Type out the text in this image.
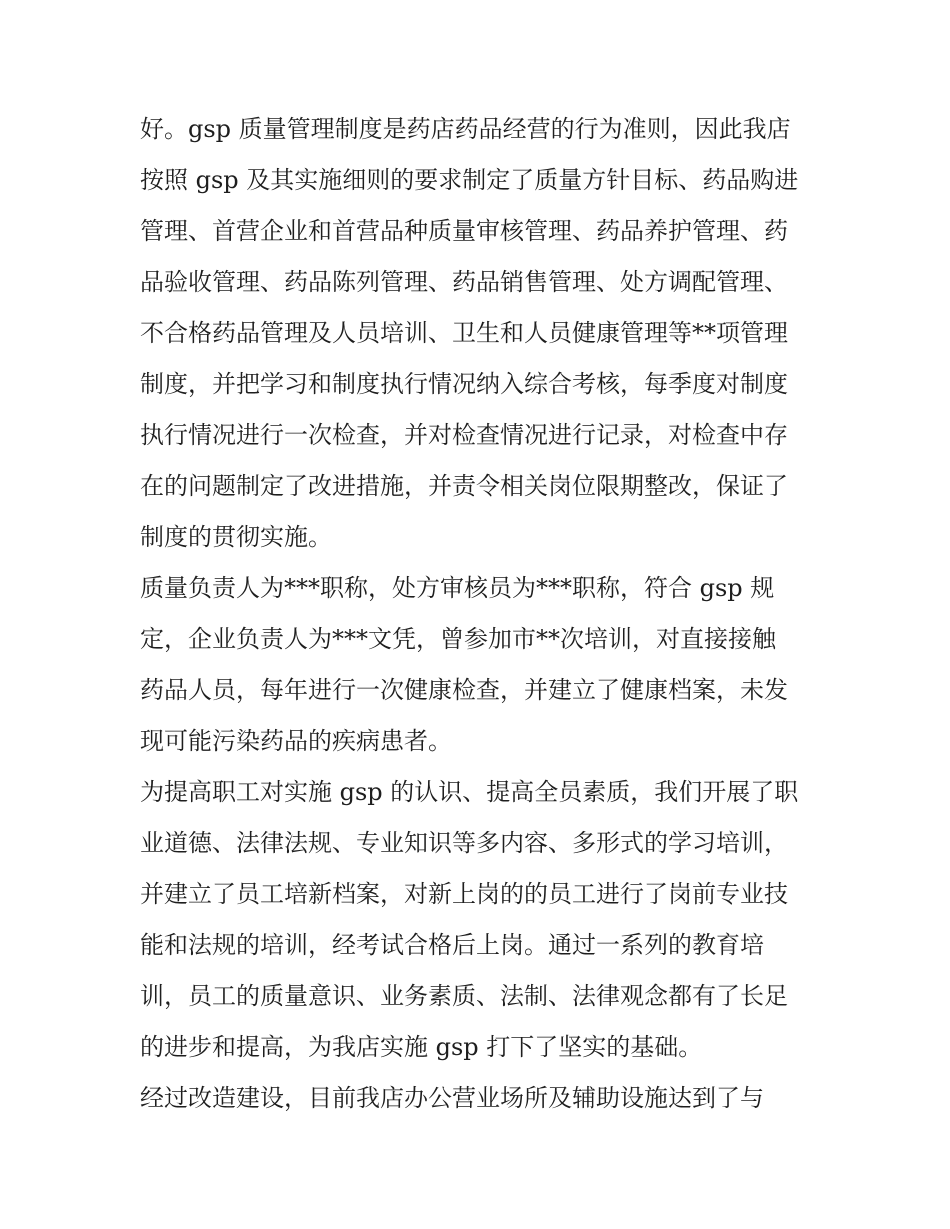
好。gsp 质量管理制度是药店药品经营的行为准则，因此我店
按照 gsp 及其实施细则的要求制定了质量方针目标、药品购进
管理、首营企业和首营品种质量审核管理、药品养护管理、药
品验收管理、药品陈列管理、药品销售管理、处方调配管理、
不合格药品管理及人员培训、卫生和人员健康管理等**项管理
制度，并把学习和制度执行情况纳入综合考核，每季度对制度
执行情况进行一次检查，并对检查情况进行记录，对检查中存
在的问题制定了改进措施，并责令相关岗位限期整改，保证了
制度的贯彻实施。
质量负责人为***职称，处方审核员为***职称，符合 gsp 规
定，企业负责人为***文凭，曾参加市**次培训，对直接接触
药品人员，每年进行一次健康检查，并建立了健康档案，未发
现可能污染药品的疾病患者。
为提高职工对实施 gsp 的认识、提高全员素质，我们开展了职
业道德、法律法规、专业知识等多内容、多形式的学习培训，
并建立了员工培新档案，对新上岗的的员工进行了岗前专业技
能和法规的培训，经考试合格后上岗。通过一系列的教育培
训，员工的质量意识、业务素质、法制、法律观念都有了长足
的进步和提高，为我店实施 gsp 打下了坚实的基础。
经过改造建设，目前我店办公营业场所及辅助设施达到了与
